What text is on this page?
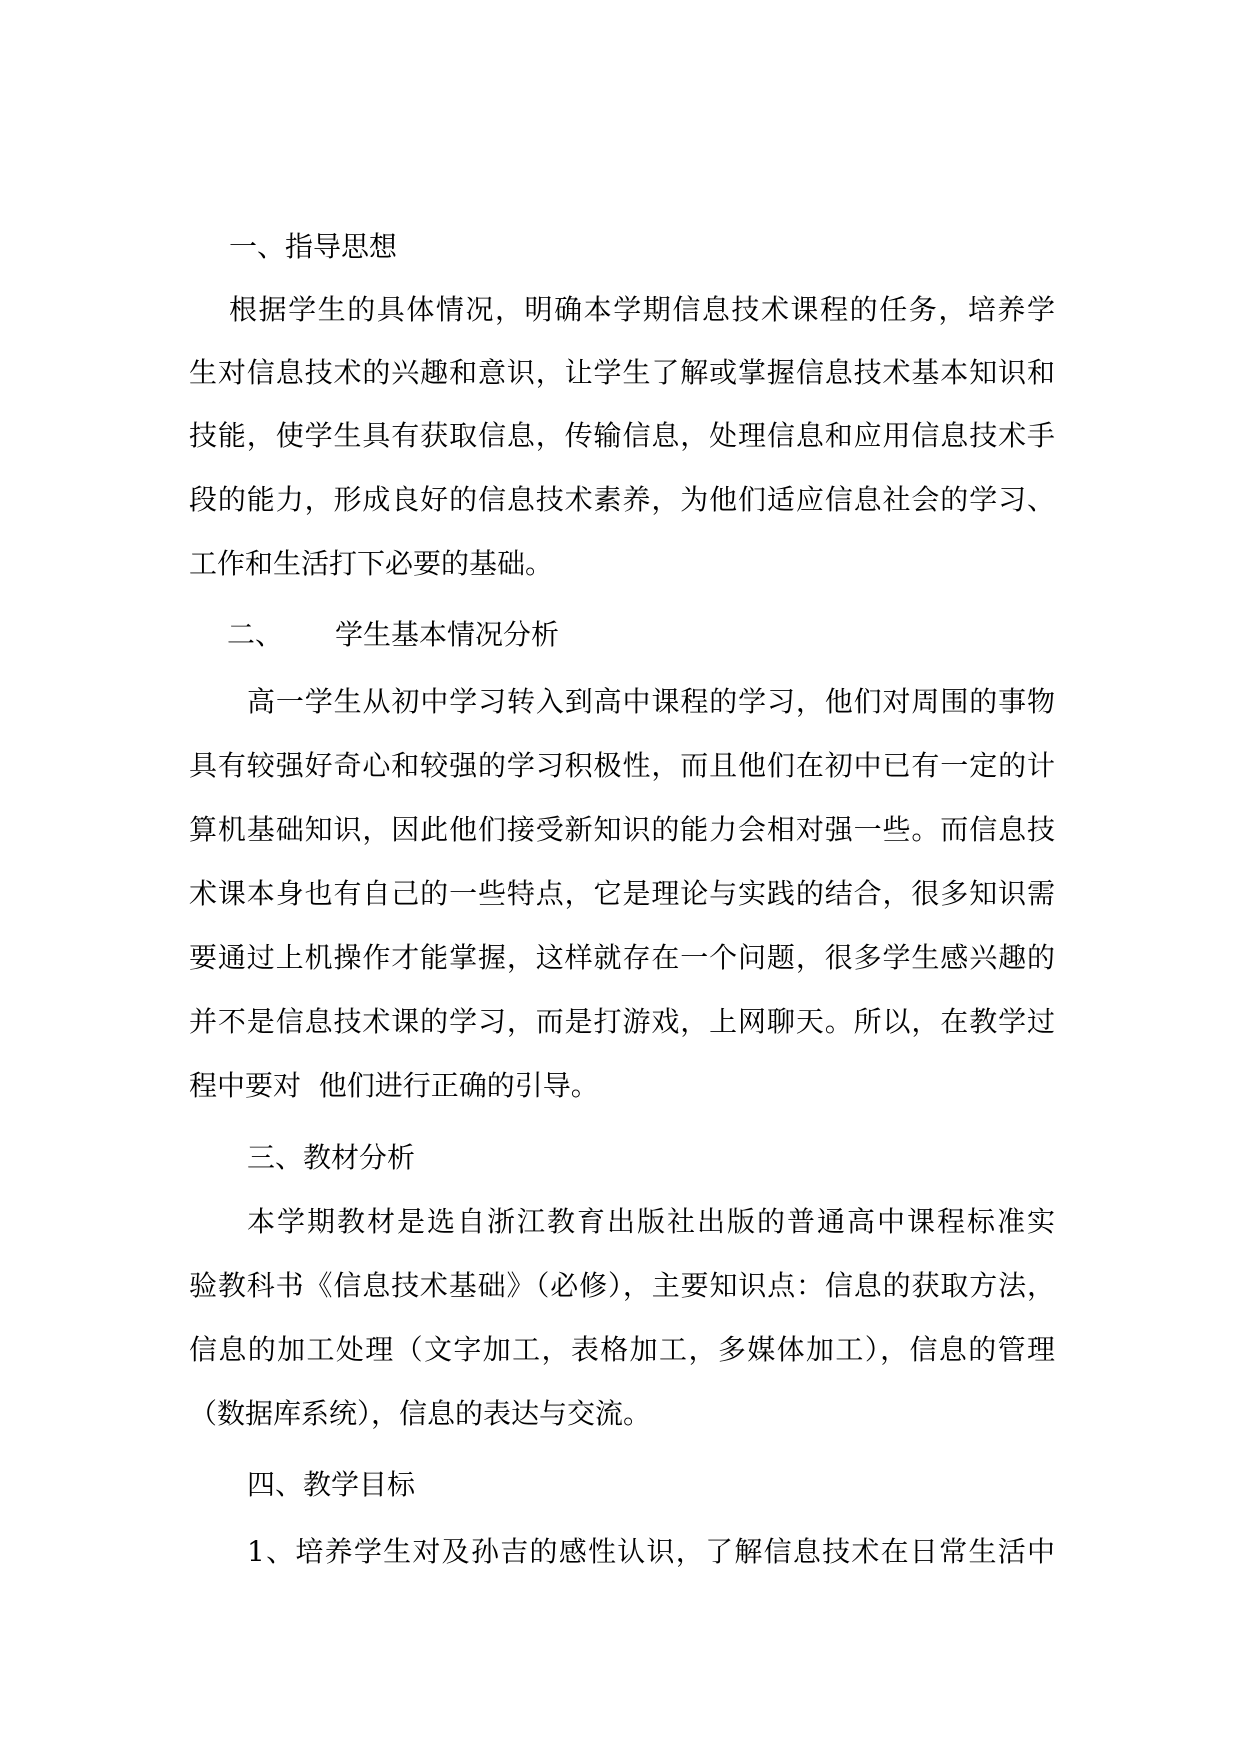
一、指导思想
根据学生的具体情况，明确本学期信息技术课程的任务，培养学
生对信息技术的兴趣和意识，让学生了解或掌握信息技术基本知识和
技能，使学生具有获取信息，传输信息，处理信息和应用信息技术手
段的能力，形成良好的信息技术素养，为他们适应信息社会的学习、
工作和生活打下必要的基础。
二、 学生基本情况分析
高一学生从初中学习转入到高中课程的学习，他们对周围的事物
具有较强好奇心和较强的学习积极性，而且他们在初中已有一定的计
算机基础知识，因此他们接受新知识的能力会相对强一些。而信息技
术课本身也有自己的一些特点，它是理论与实践的结合，很多知识需
要通过上机操作才能掌握，这样就存在一个问题，很多学生感兴趣的
并不是信息技术课的学习，而是打游戏，上网聊天。所以，在教学过
程中要对  他们进行正确的引导。
三、教材分析
本学期教材是选自浙江教育出版社出版的普通高中课程标准实
验教科书《信息技术基础》（必修），主要知识点：信息的获取方法，
信息的加工处理（文字加工，表格加工，多媒体加工），信息的管理
（数据库系统），信息的表达与交流。
四、教学目标
1、培养学生对及孙吉的感性认识，了解信息技术在日常生活中
